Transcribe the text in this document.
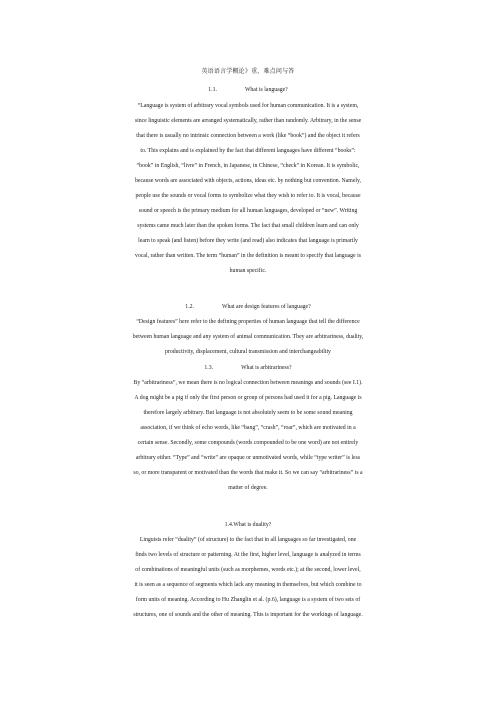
英语语言学概论》重、难点问与答
1.1.	What is language?
“Language is system of arbitrary vocal symbols used for human communication. It is a system,
since linguistic elements are arranged systematically, rather than randomly. Arbitrary, in the sense
that there is usually no intrinsic connection between a work (like “book”) and the object it refers
to. This explains and is explained by the fact that different languages have different “books”:
“book” in English, “livre” in French, in Japanese, in Chinese, “check” in Korean. It is symbolic,
because words are associated with objects, actions, ideas etc. by nothing but convention. Namely,
people use the sounds or vocal forms to symbolize what they wish to refer to. It is vocal, because
sound or speech is the primary medium for all human languages, developed or “new”. Writing
systems came much later than the spoken forms. The fact that small children learn and can only
learn to speak (and listen) before they write (and read) also indicates that language is primarily
vocal, rather than written. The term “human” in the definition is meant to specify that language is
human specific.
1.2.	What are design features of language?
“Design features” here refer to the defining properties of human language that tell the difference
between human language and any system of animal communication. They are arbitrariness, duality,
productivity, displacement, cultural transmission and interchangeability
1.3.	What is arbitrariness?
By “arbitrariness”, we mean there is no logical connection between meanings and sounds (see I.1).
A dog might be a pig if only the first person or group of persons had used it for a pig. Language is
therefore largely arbitrary. But language is not absolutely seem to be some sound meaning
association, if we think of echo words, like “bang”, “crash”, “roar”, which are motivated in a
certain sense. Secondly, some compounds (words compounded to be one word) are not entirely
arbitrary either. “Type” and “write” are opaque or unmotivated words, while “type writer” is less
so, or more transparent or motivated than the words that make it. So we can say “arbitrariness” is a
matter of degree.
1.4.What is duality?
Linguists refer “duality” (of structure) to the fact that in all languages so far investigated, one
finds two levels of structure or patterning. At the first, higher level, language is analyzed in terms
of combinations of meaningful units (such as morphemes, words etc.); at the second, lower level,
it is seen as a sequence of segments which lack any meaning in themselves, but which combine to
form units of meaning. According to Hu Zhanglin et al. (p.6), language is a system of two sets of
structures, one of sounds and the other of meaning. This is important for the workings of language.
